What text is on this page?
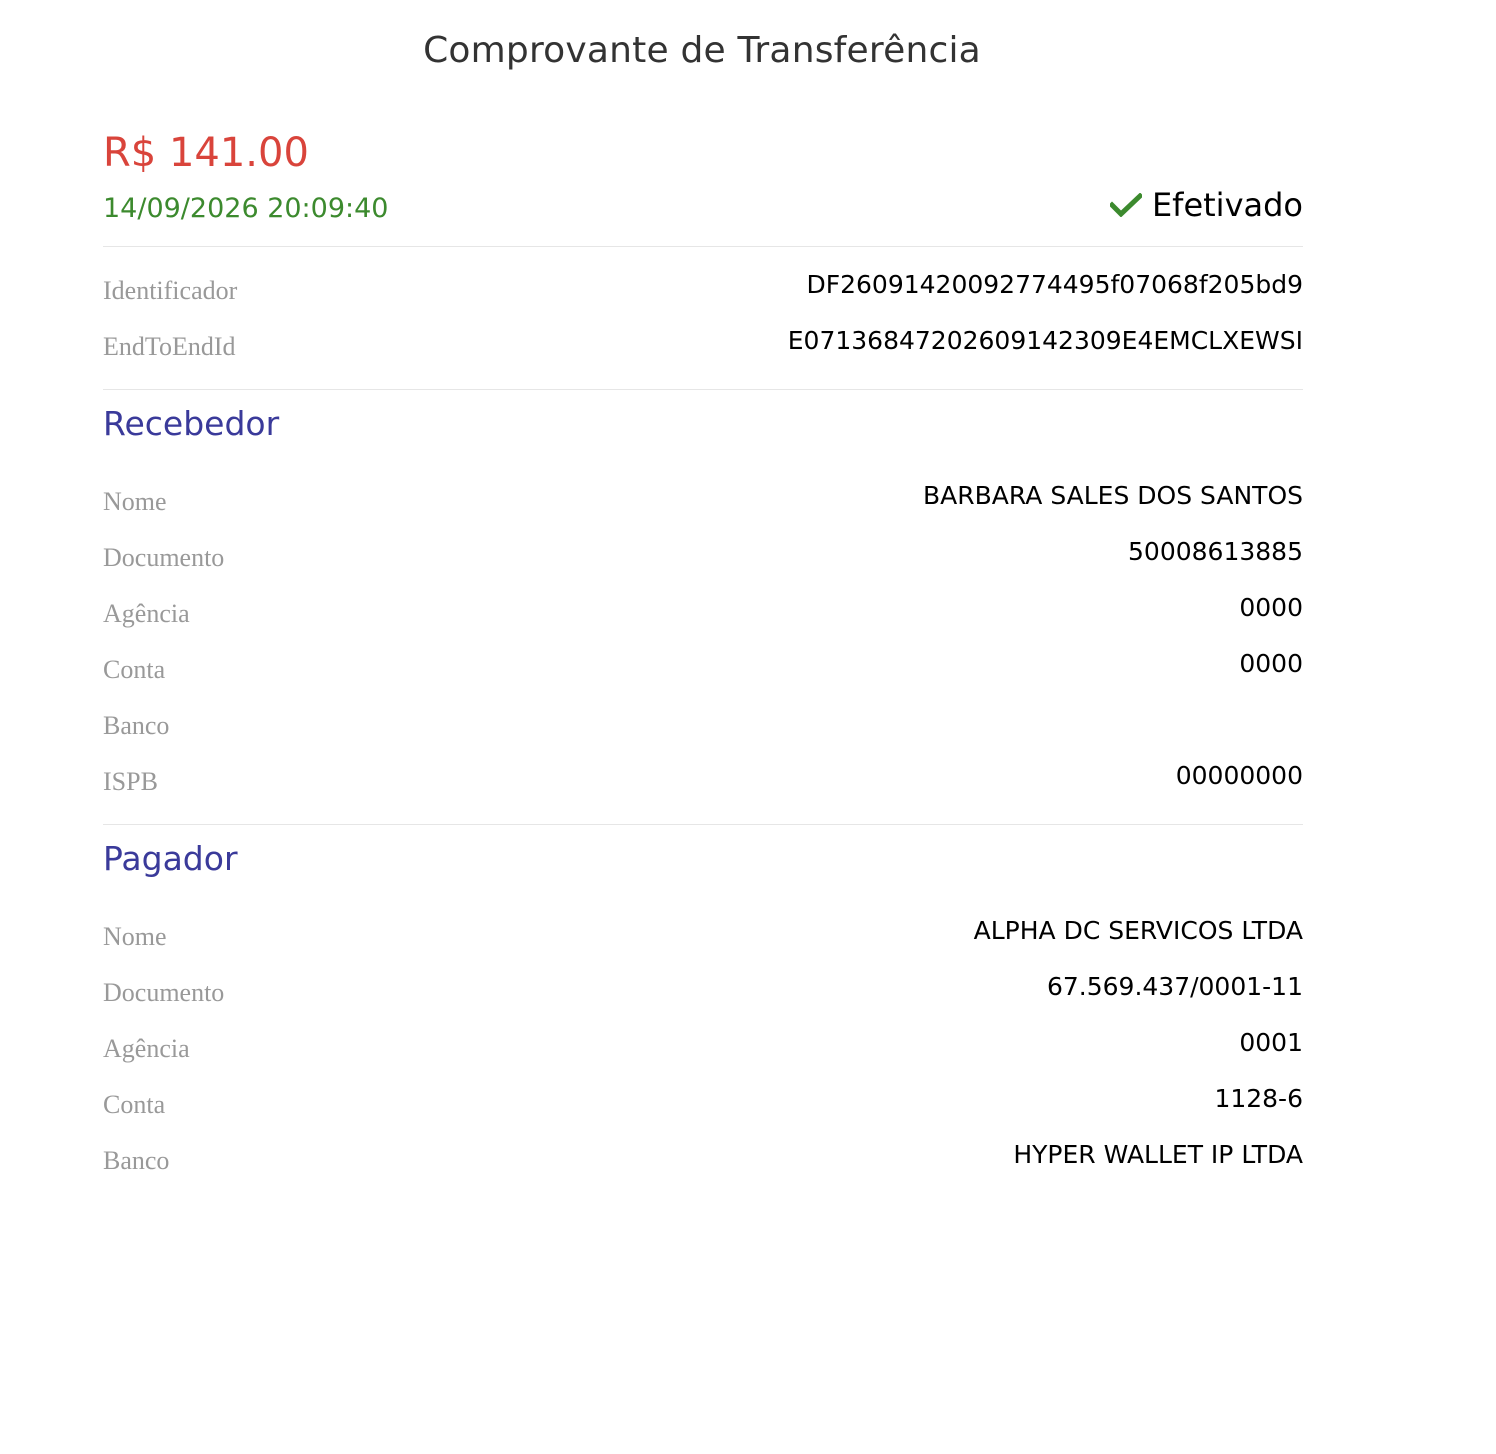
Comprovante de Transferência
R$ 141.00
14/09/2026 20:09:40	Efetivado
Identificador	DF26091420092774495f07068f205bd9
EndToEndId	E07136847202609142309E4EMCLXEWSI
Recebedor
Nome	BARBARA SALES DOS SANTOS
Documento	50008613885
Agência	0000
Conta	0000
Banco
ISPB	00000000
Pagador
Nome	ALPHA DC SERVICOS LTDA
Documento	67.569.437/0001-11
Agência	0001
Conta	1128-6
Banco	HYPER WALLET IP LTDA
